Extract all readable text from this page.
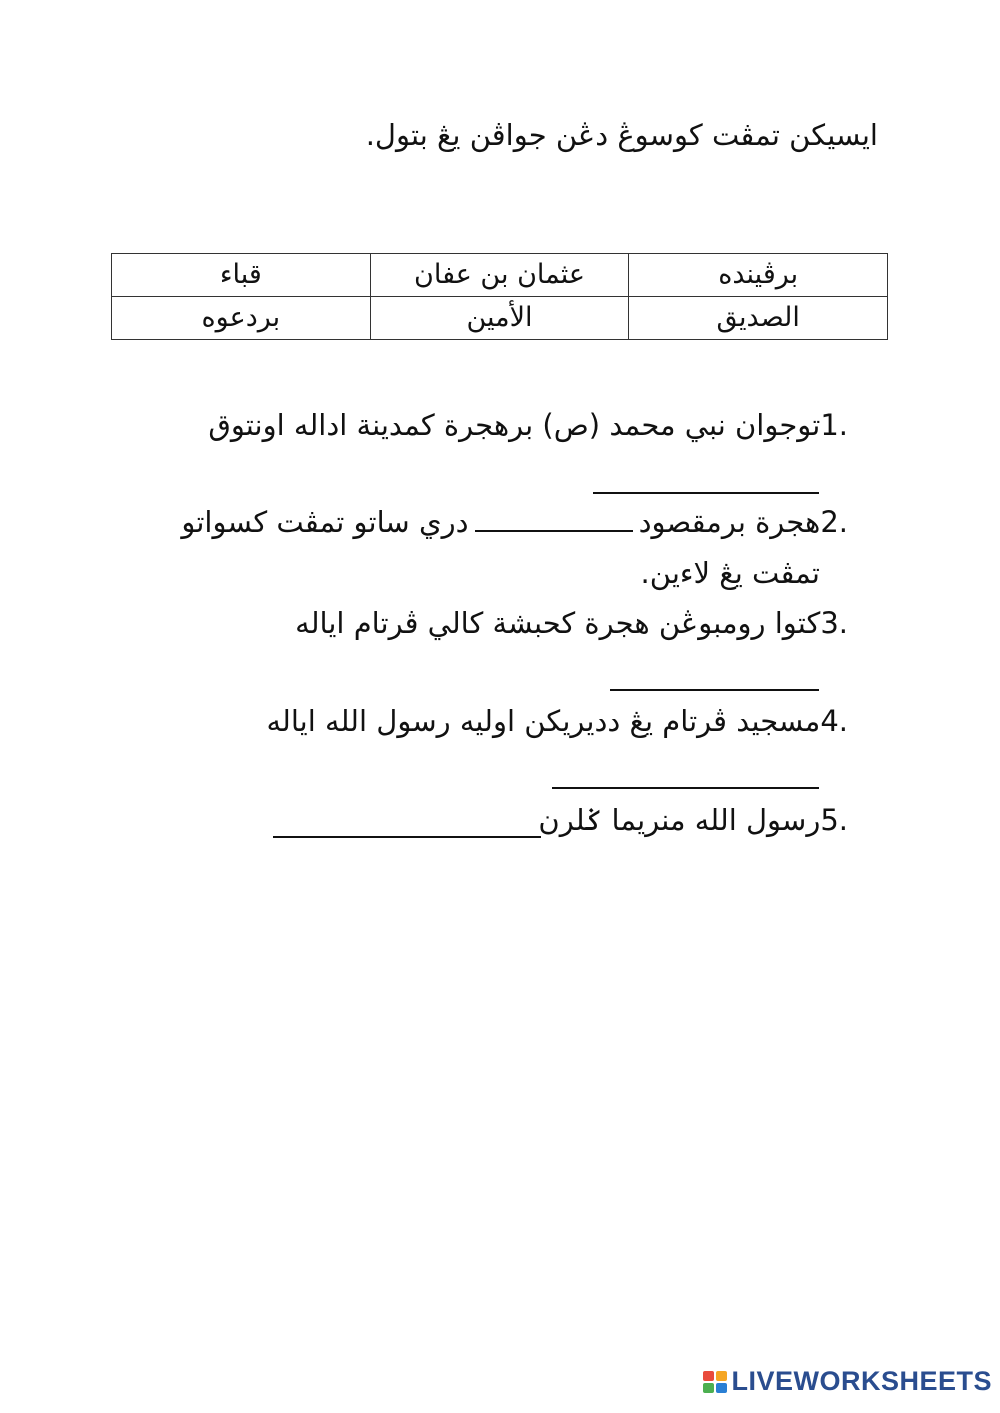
ايسيكن تمڤت كوسوڠ دڠن جواڤن يڠ بتول.
برڤينده	عثمان بن عفان	قباء
الصديق	الأمين	بردعوه
1.توجوان نبي محمد (ص) برهجرة كمدينة اداله اونتوق
2.هجرة برمقصوددري ساتو تمڤت كسواتو
تمڤت يڠ لاءين.
3.كتوا رومبوڠن هجرة كحبشة كالي ڤرتام اياله
4.مسجيد ڤرتام يڠ دديريكن اوليه رسول الله اياله
5.رسول الله منريما ݢلرن
LIVEWORKSHEETS
